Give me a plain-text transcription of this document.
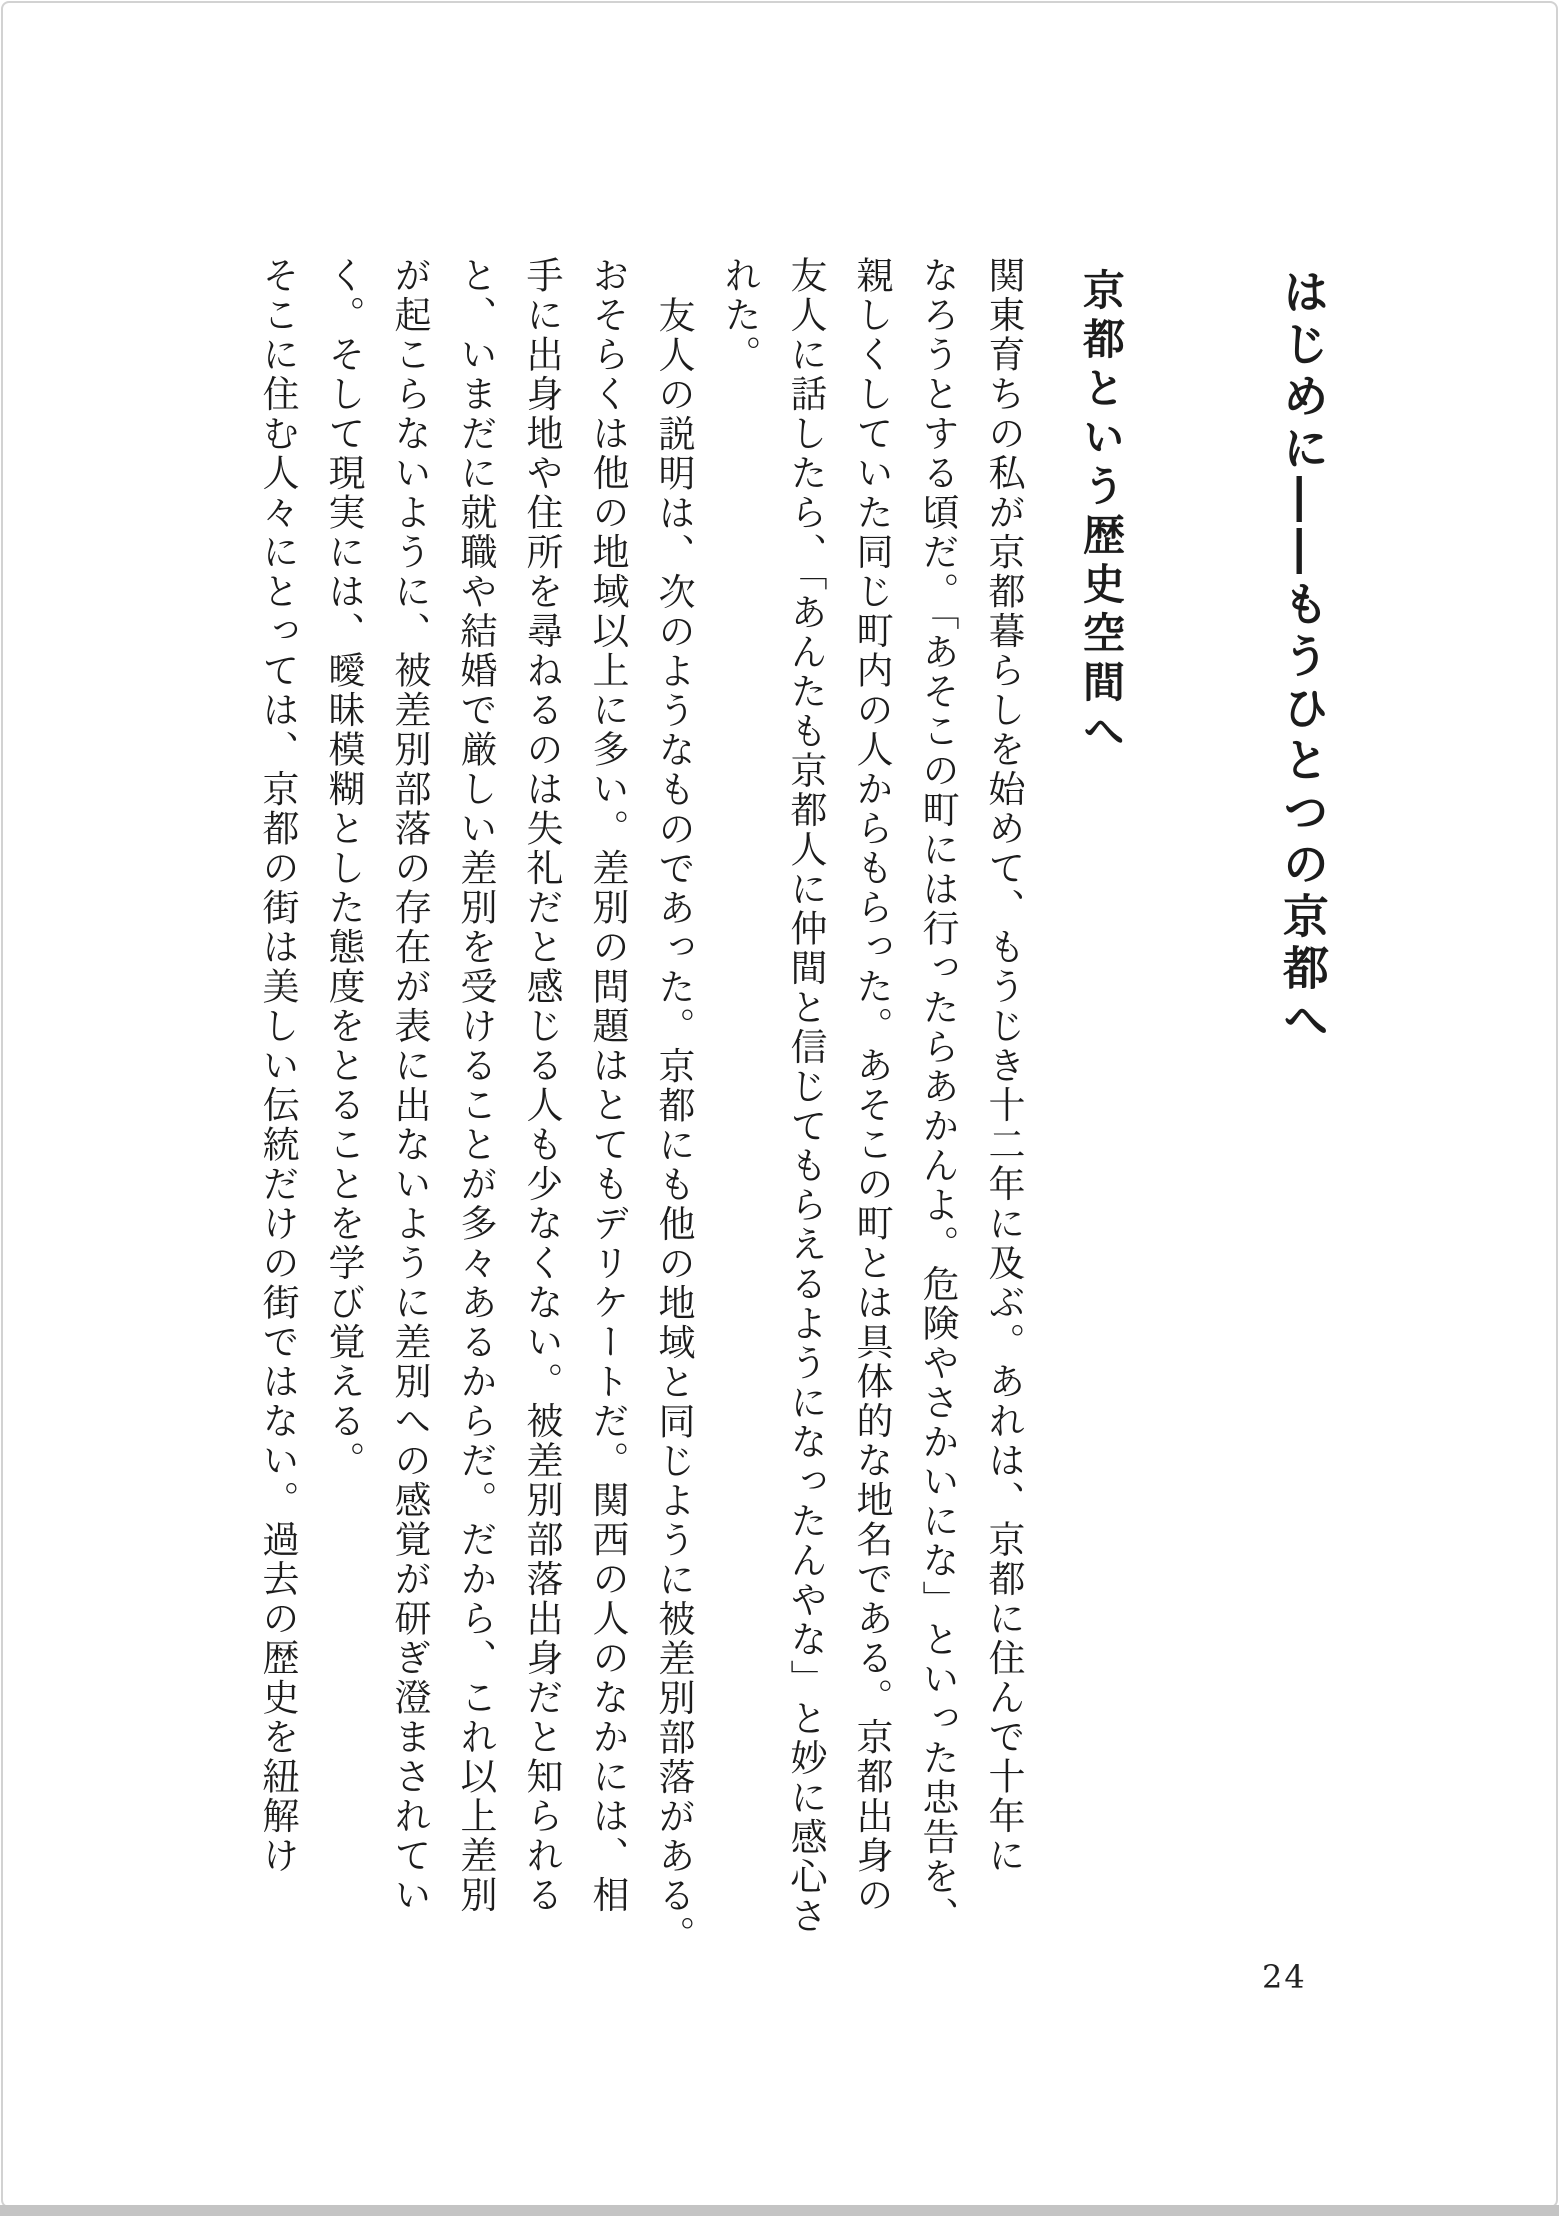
はじめに――もうひとつの京都へ
京都という歴史空間へ
関東育ちの私が京都暮らしを始めて、もうじき十二年に及ぶ。あれは、京都に住んで十年に
なろうとする頃だ。「あそこの町には行ったらあかんよ。危険やさかいにな」といった忠告を、
親しくしていた同じ町内の人からもらった。あそこの町とは具体的な地名である。京都出身の
友人に話したら、「あんたも京都人に仲間と信じてもらえるようになったんやな」と妙に感心さ
れた。
友人の説明は、次のようなものであった。京都にも他の地域と同じように被差別部落がある。
おそらくは他の地域以上に多い。差別の問題はとてもデリケートだ。関西の人のなかには、相
手に出身地や住所を尋ねるのは失礼だと感じる人も少なくない。被差別部落出身だと知られる
と、いまだに就職や結婚で厳しい差別を受けることが多々あるからだ。だから、これ以上差別
が起こらないように、被差別部落の存在が表に出ないように差別への感覚が研ぎ澄まされてい
く。そして現実には、曖昧模糊とした態度をとることを学び覚える。
そこに住む人々にとっては、京都の街は美しい伝統だけの街ではない。過去の歴史を紐解け
24
